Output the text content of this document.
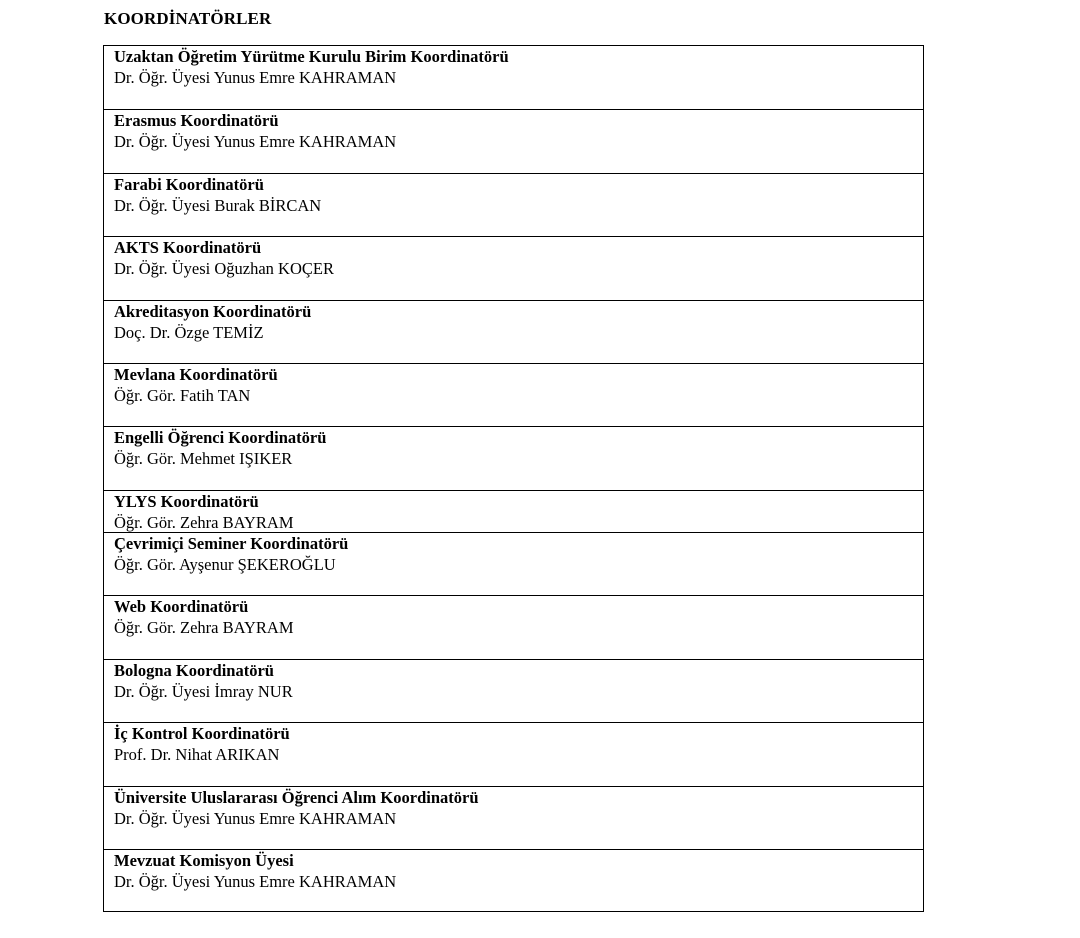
KOORDİNATÖRLER
Uzaktan Öğretim Yürütme Kurulu Birim Koordinatörü
Dr. Öğr. Üyesi Yunus Emre KAHRAMAN
Erasmus Koordinatörü
Dr. Öğr. Üyesi Yunus Emre KAHRAMAN
Farabi Koordinatörü
Dr. Öğr. Üyesi Burak BİRCAN
AKTS Koordinatörü
Dr. Öğr. Üyesi Oğuzhan KOÇER
Akreditasyon Koordinatörü
Doç. Dr. Özge TEMİZ
Mevlana Koordinatörü
Öğr. Gör. Fatih TAN
Engelli Öğrenci Koordinatörü
Öğr. Gör. Mehmet IŞIKER
YLYS Koordinatörü
Öğr. Gör. Zehra BAYRAM
Çevrimiçi Seminer Koordinatörü
Öğr. Gör. Ayşenur ŞEKEROĞLU
Web Koordinatörü
Öğr. Gör. Zehra BAYRAM
Bologna Koordinatörü
Dr. Öğr. Üyesi İmray NUR
İç Kontrol Koordinatörü
Prof. Dr. Nihat ARIKAN
Üniversite Uluslararası Öğrenci Alım Koordinatörü
Dr. Öğr. Üyesi Yunus Emre KAHRAMAN
Mevzuat Komisyon Üyesi
Dr. Öğr. Üyesi Yunus Emre KAHRAMAN
